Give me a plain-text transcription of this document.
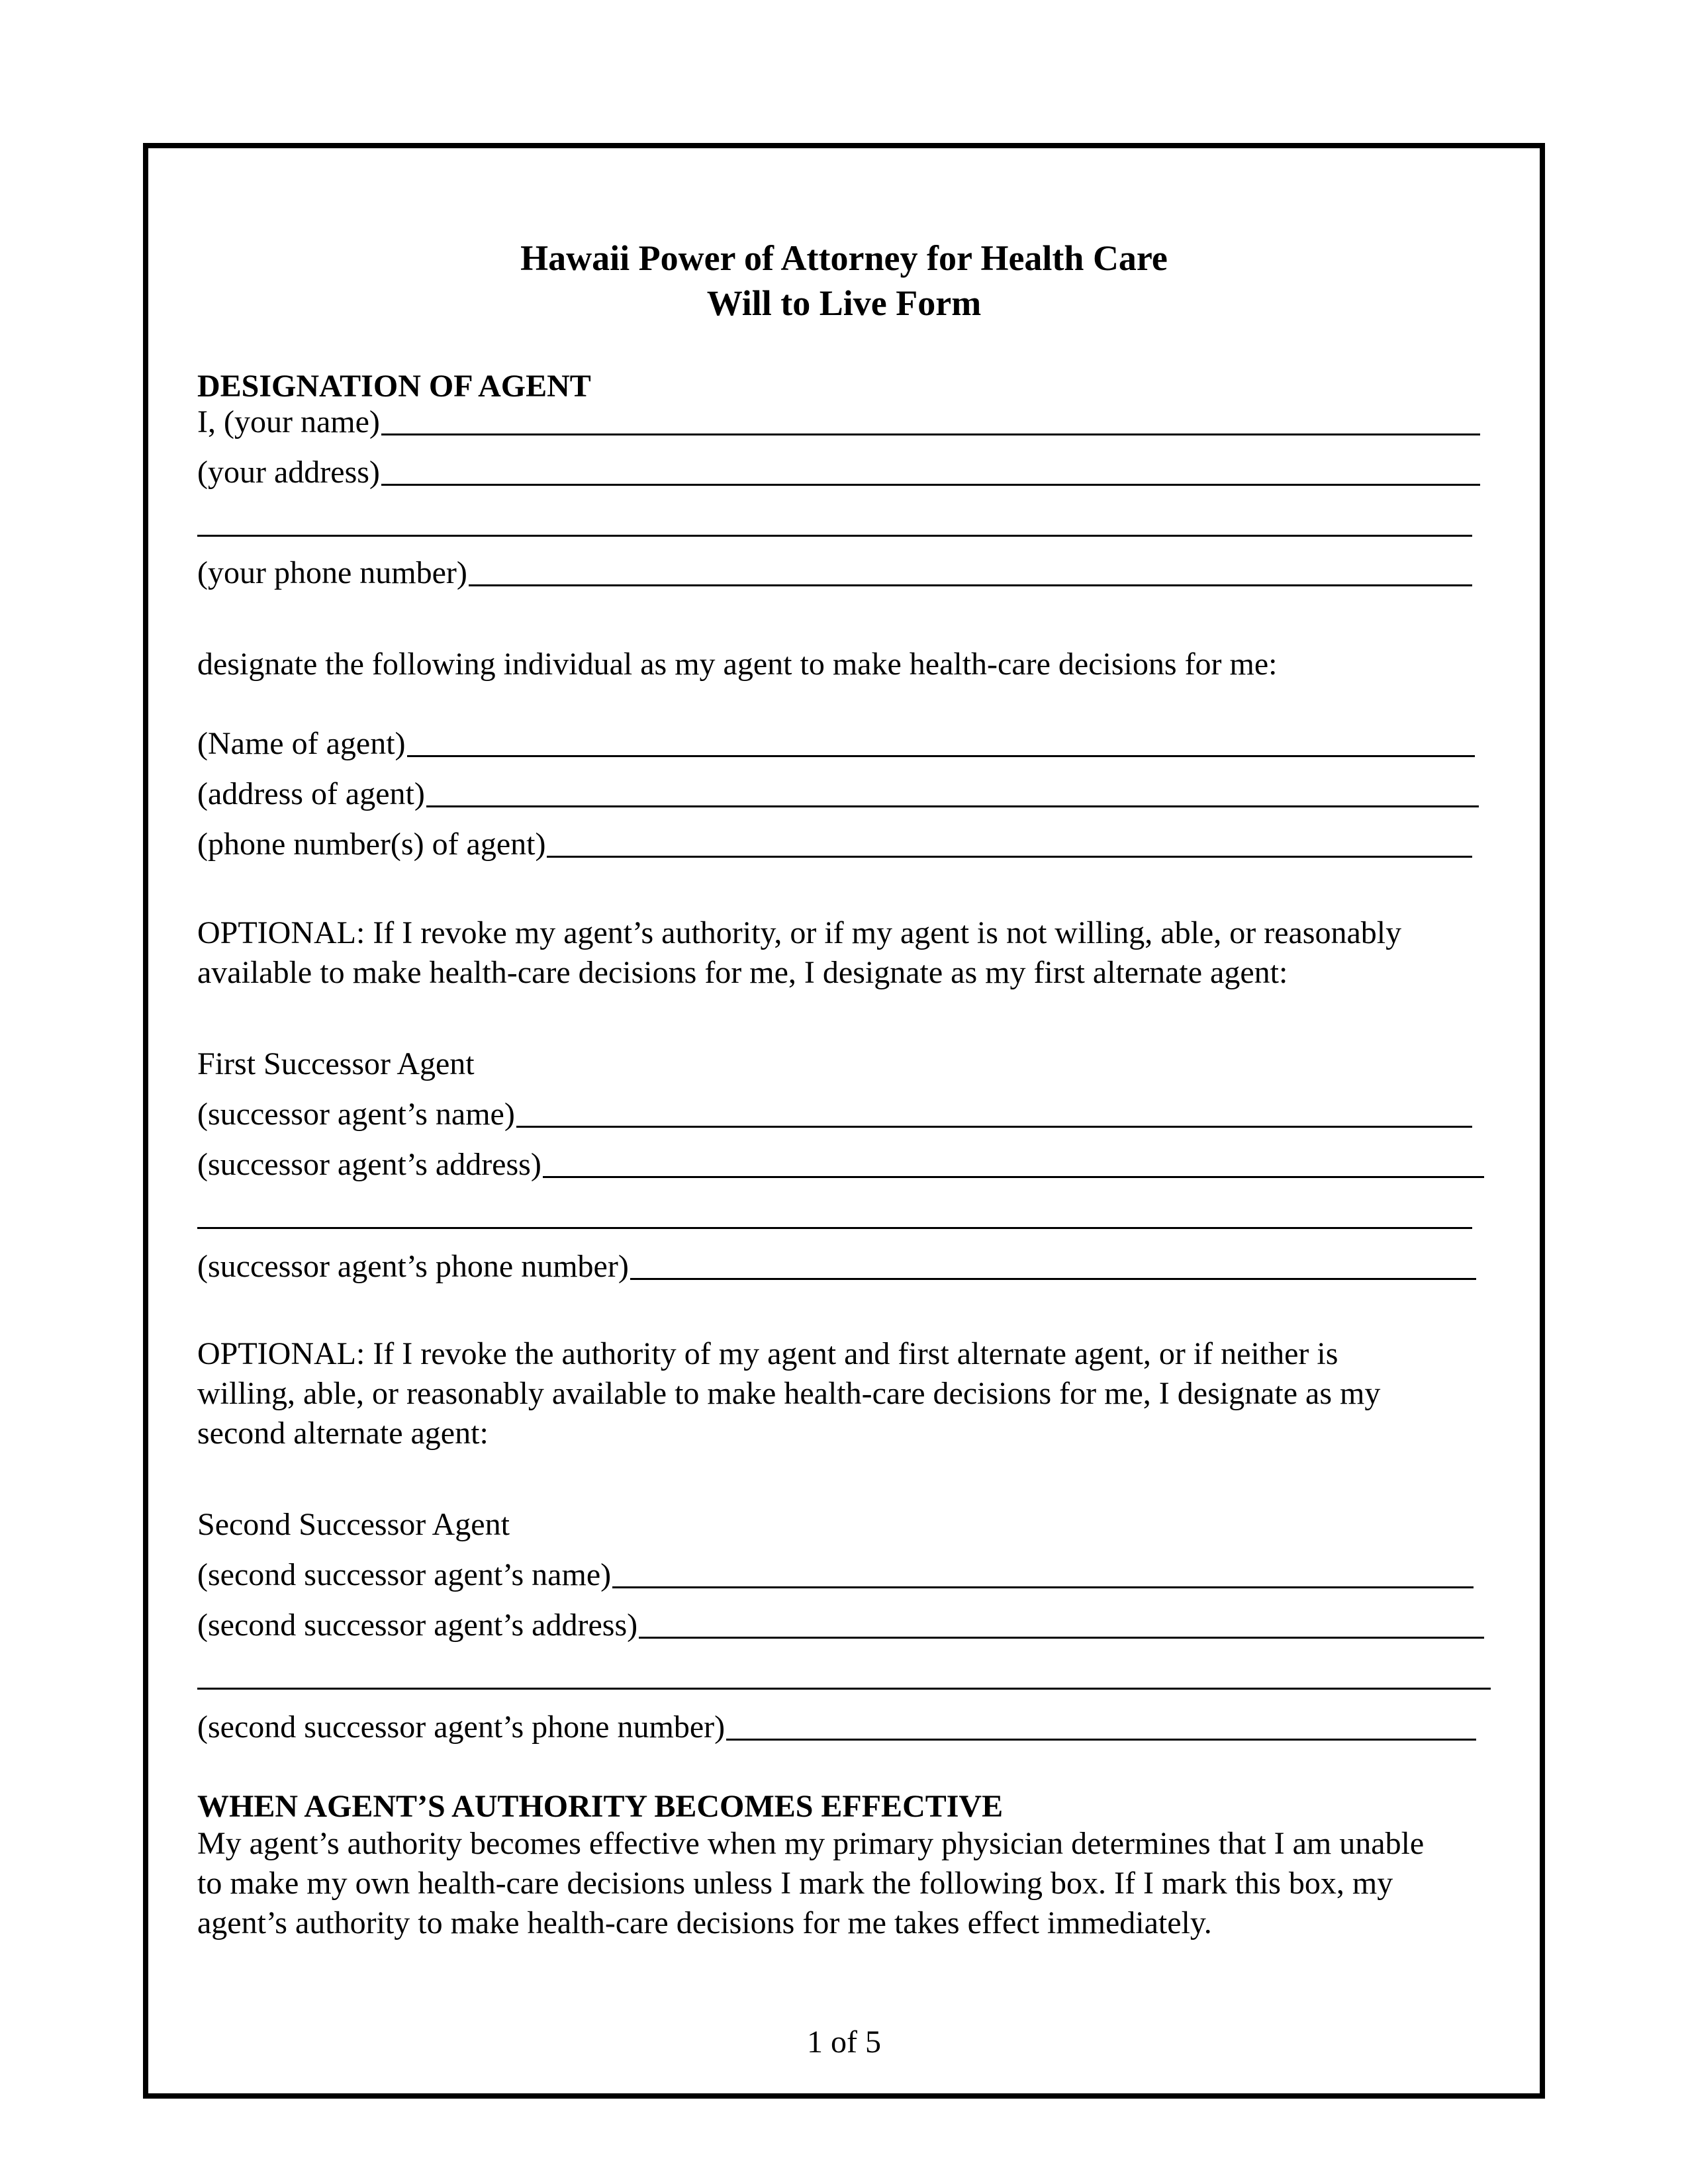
Hawaii Power of Attorney for Health Care
Will to Live Form
DESIGNATION OF AGENT
I, (your name)
(your address)
(your phone number)
designate the following individual as my agent to make health-care decisions for me:
(Name of agent)
(address of agent)
(phone number(s) of agent)
OPTIONAL: If I revoke my agent’s authority, or if my agent is not willing, able, or reasonably
available to make health-care decisions for me, I designate as my first alternate agent:
First Successor Agent
(successor agent’s name)
(successor agent’s address)
(successor agent’s phone number)
OPTIONAL: If I revoke the authority of my agent and first alternate agent, or if neither is
willing, able, or reasonably available to make health-care decisions for me, I designate as my
second alternate agent:
Second Successor Agent
(second successor agent’s name)
(second successor agent’s address)
(second successor agent’s phone number)
WHEN AGENT’S AUTHORITY BECOMES EFFECTIVE
My agent’s authority becomes effective when my primary physician determines that I am unable
to make my own health-care decisions unless I mark the following box. If I mark this box, my
agent’s authority to make health-care decisions for me takes effect immediately.
1 of 5
